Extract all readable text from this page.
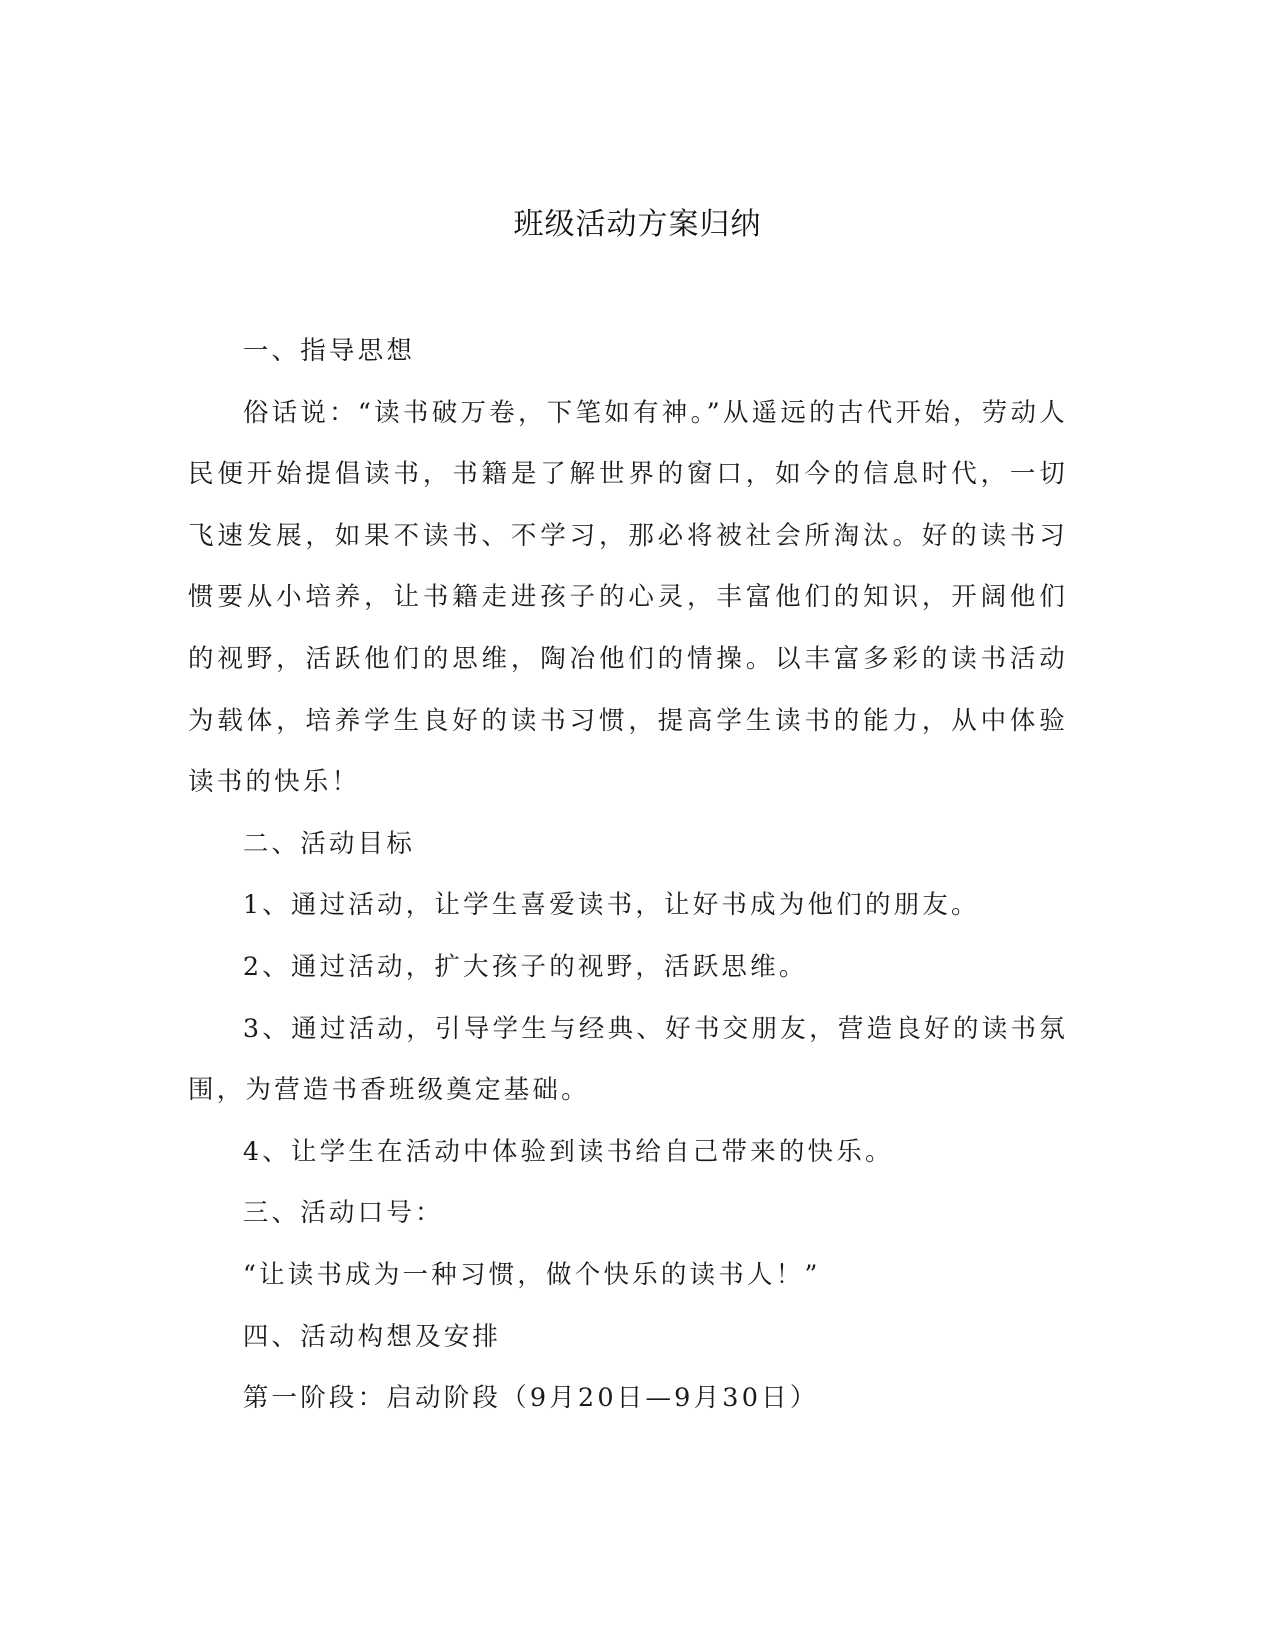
班级活动方案归纳

一、指导思想

俗话说：“读书破万卷，下笔如有神。”从遥远的古代开始，劳动人民便开始提倡读书，书籍是了解世界的窗口，如今的信息时代，一切飞速发展，如果不读书、不学习，那必将被社会所淘汰。好的读书习惯要从小培养，让书籍走进孩子的心灵，丰富他们的知识，开阔他们的视野，活跃他们的思维，陶冶他们的情操。以丰富多彩的读书活动为载体，培养学生良好的读书习惯，提高学生读书的能力，从中体验读书的快乐！

二、活动目标

1、通过活动，让学生喜爱读书，让好书成为他们的朋友。

2、通过活动，扩大孩子的视野，活跃思维。

3、通过活动，引导学生与经典、好书交朋友，营造良好的读书氛围，为营造书香班级奠定基础。

4、让学生在活动中体验到读书给自己带来的快乐。

三、活动口号：

“让读书成为一种习惯，做个快乐的读书人！”

四、活动构想及安排

第一阶段：启动阶段（9月20日—9月30日）
